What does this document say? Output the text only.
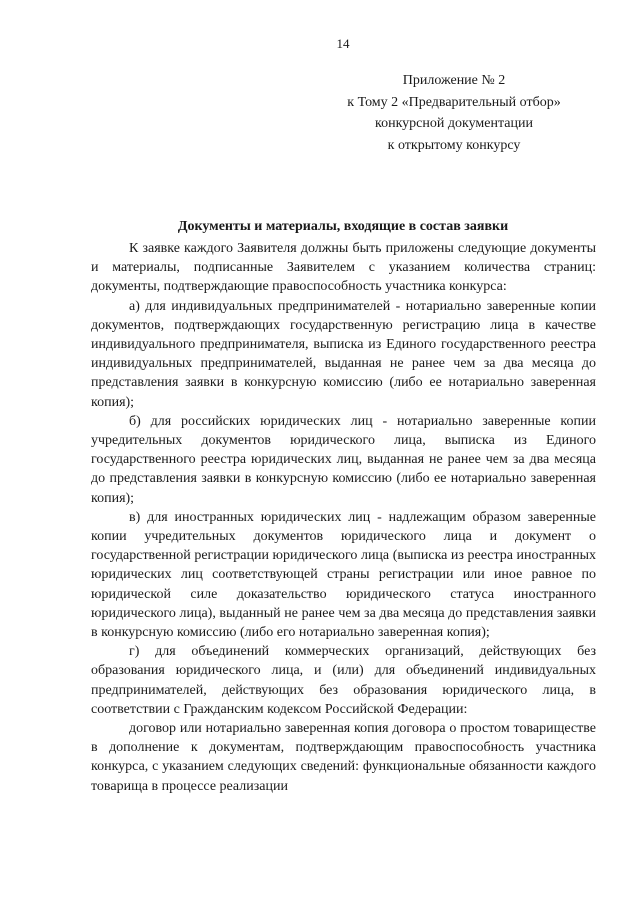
14
Приложение № 2
к Тому 2 «Предварительный отбор»
конкурсной документации
к открытому конкурсу
Документы и материалы, входящие в состав заявки

К заявке каждого Заявителя должны быть приложены следующие документы и материалы, подписанные Заявителем с указанием количества страниц: документы, подтверждающие правоспособность участника конкурса:

а) для индивидуальных предпринимателей - нотариально заверенные копии документов, подтверждающих государственную регистрацию лица в качестве индивидуального предпринимателя, выписка из Единого государственного реестра индивидуальных предпринимателей, выданная не ранее чем за два месяца до представления заявки в конкурсную комиссию (либо ее нотариально заверенная копия);

б) для российских юридических лиц - нотариально заверенные копии учредительных документов юридического лица, выписка из Единого государственного реестра юридических лиц, выданная не ранее чем за два месяца до представления заявки в конкурсную комиссию (либо ее нотариально заверенная копия);

в) для иностранных юридических лиц - надлежащим образом заверенные копии учредительных документов юридического лица и документ о государственной регистрации юридического лица (выписка из реестра иностранных юридических лиц соответствующей страны регистрации или иное равное по юридической силе доказательство юридического статуса иностранного юридического лица), выданный не ранее чем за два месяца до представления заявки в конкурсную комиссию (либо его нотариально заверенная копия);

г) для объединений коммерческих организаций, действующих без образования юридического лица, и (или) для объединений индивидуальных предпринимателей, действующих без образования юридического лица, в соответствии с Гражданским кодексом Российской Федерации:

договор или нотариально заверенная копия договора о простом товариществе в дополнение к документам, подтверждающим правоспособность участника конкурса, с указанием следующих сведений: функциональные обязанности каждого товарища в процессе реализации
